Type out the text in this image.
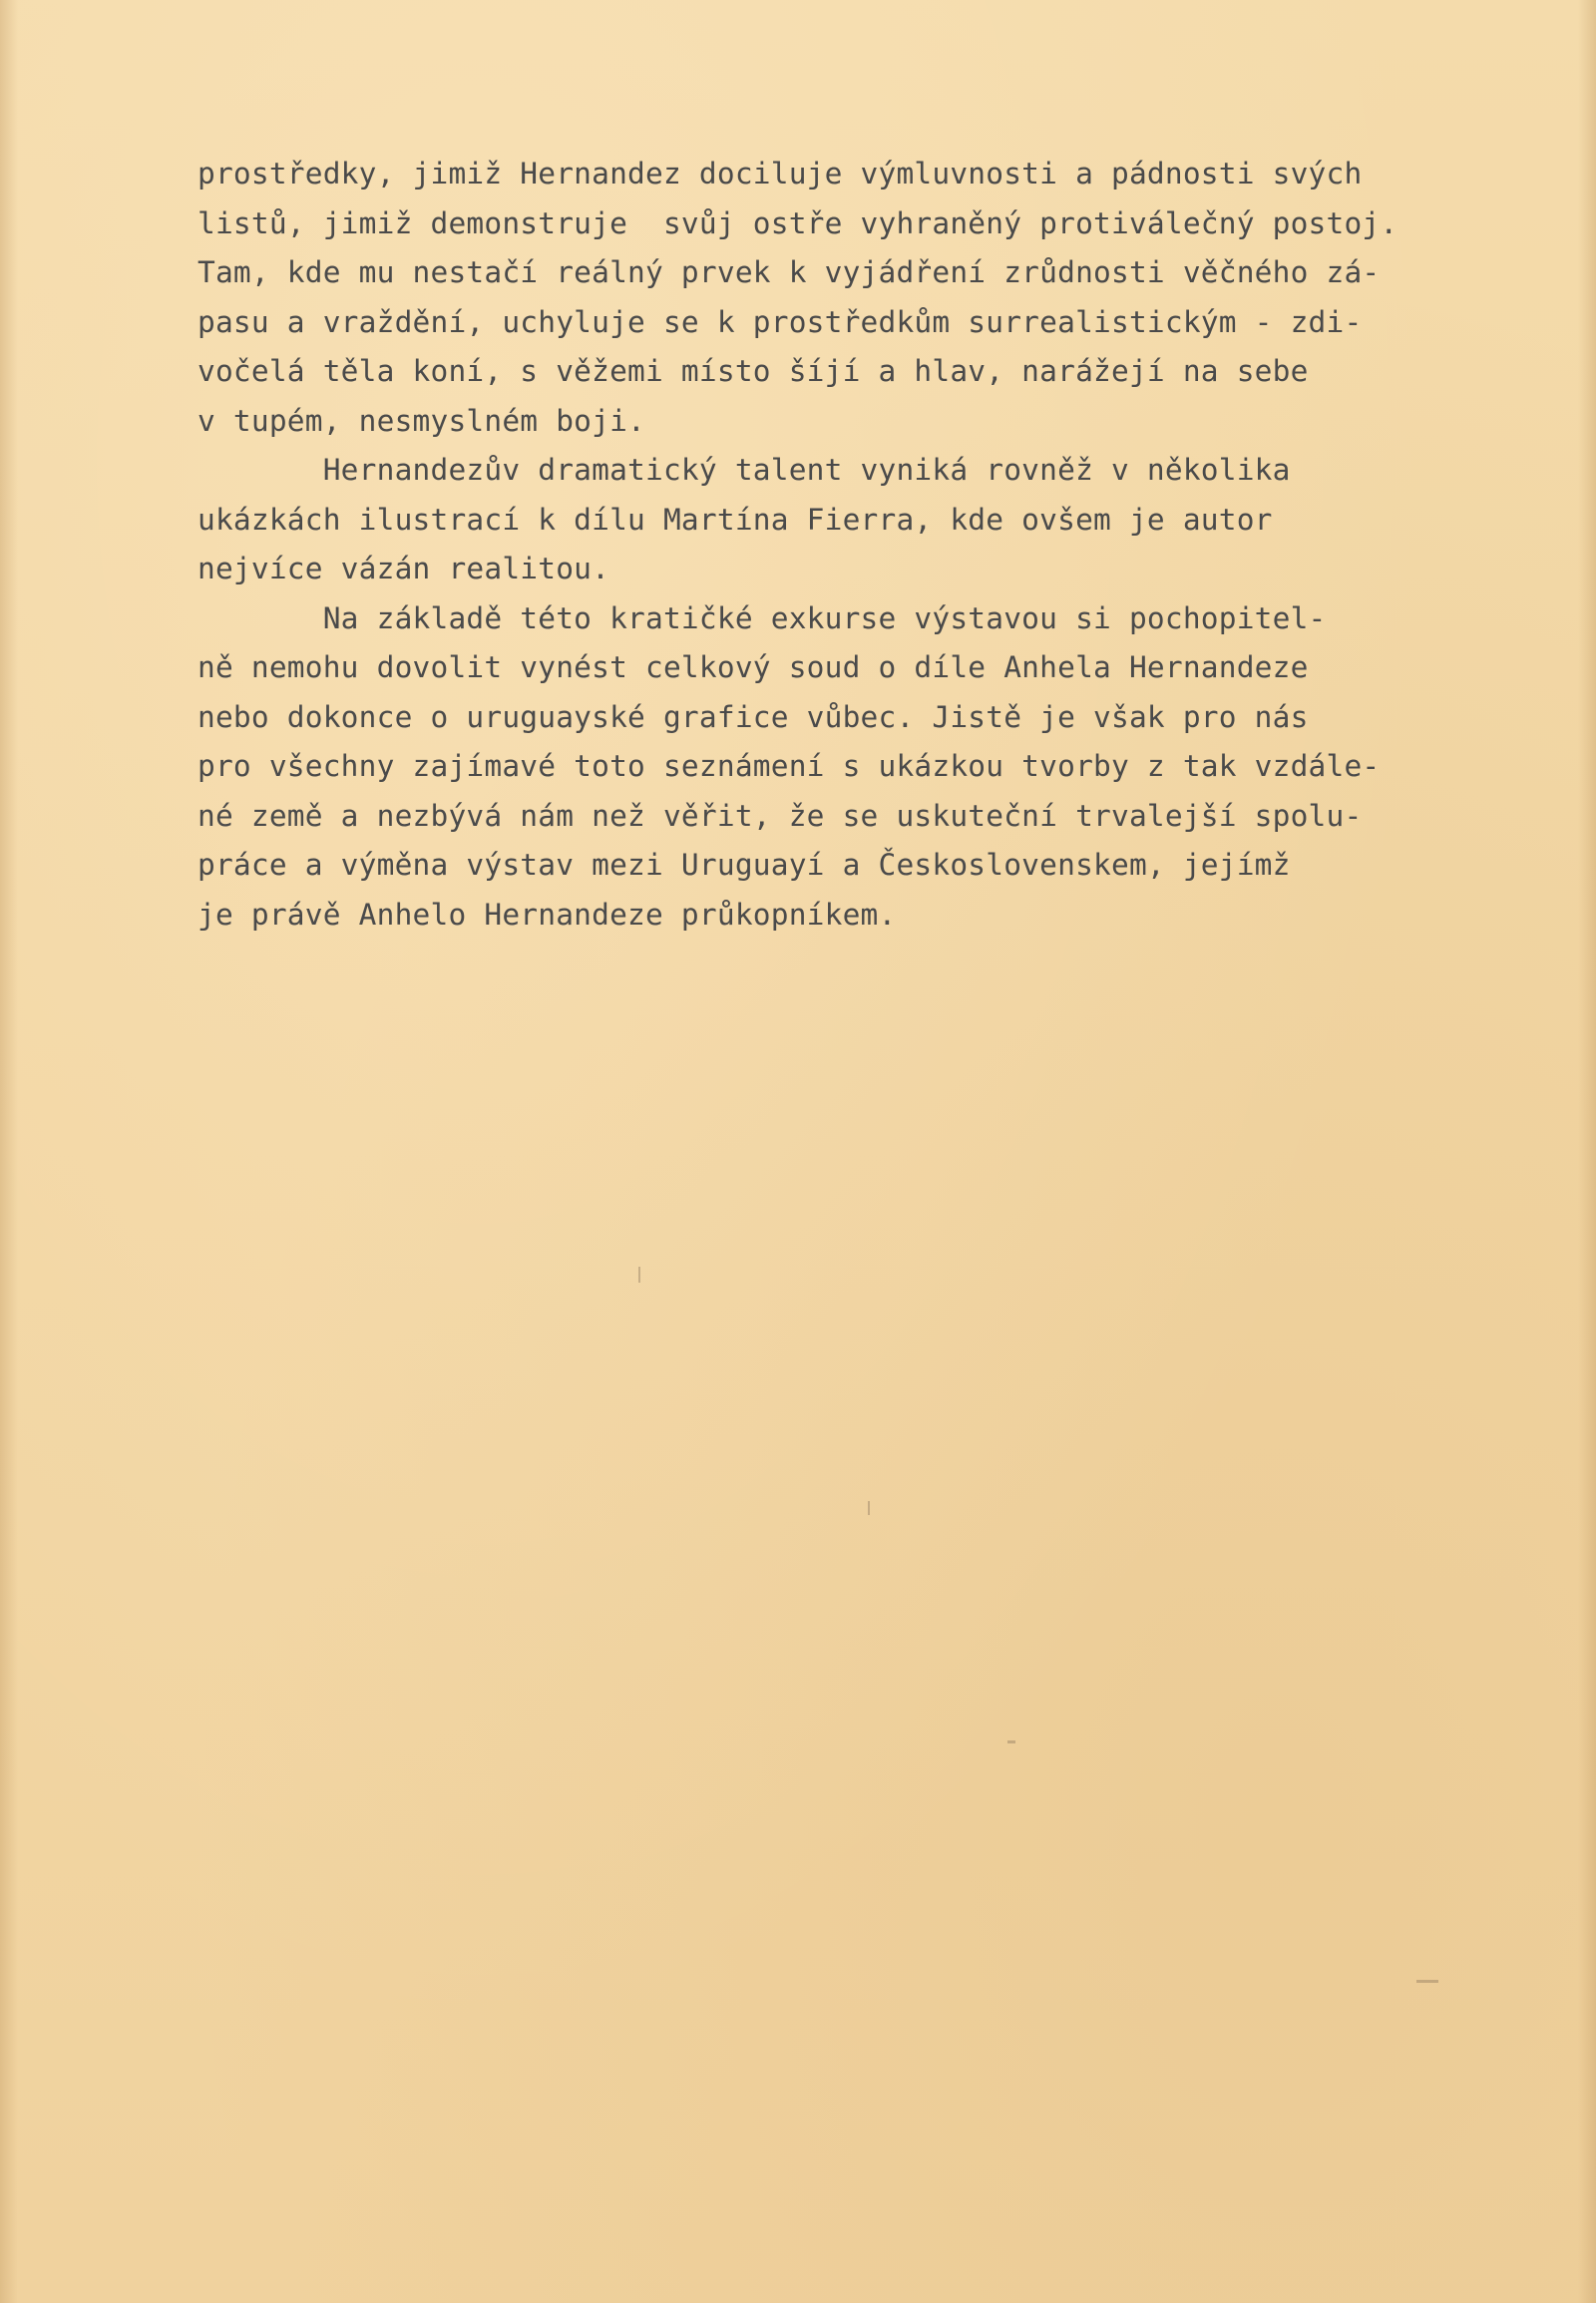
prostředky, jimiž Hernandez dociluje výmluvnosti a pádnosti svých
listů, jimiž demonstruje  svůj ostře vyhraněný protiválečný postoj.
Tam, kde mu nestačí reálný prvek k vyjádření zrůdnosti věčného zá-
pasu a vraždění, uchyluje se k prostředkům surrealistickým - zdi-
vočelá těla koní, s věžemi místo šíjí a hlav, narážejí na sebe
v tupém, nesmyslném boji.
Hernandezův dramatický talent vyniká rovněž v několika
ukázkách ilustrací k dílu Martína Fierra, kde ovšem je autor
nejvíce vázán realitou.
Na základě této kratičké exkurse výstavou si pochopitel-
ně nemohu dovolit vynést celkový soud o díle Anhela Hernandeze
nebo dokonce o uruguayské grafice vůbec. Jistě je však pro nás
pro všechny zajímavé toto seznámení s ukázkou tvorby z tak vzdále-
né země a nezbývá nám než věřit, že se uskuteční trvalejší spolu-
práce a výměna výstav mezi Uruguayí a Československem, jejímž
je právě Anhelo Hernandeze průkopníkem.
